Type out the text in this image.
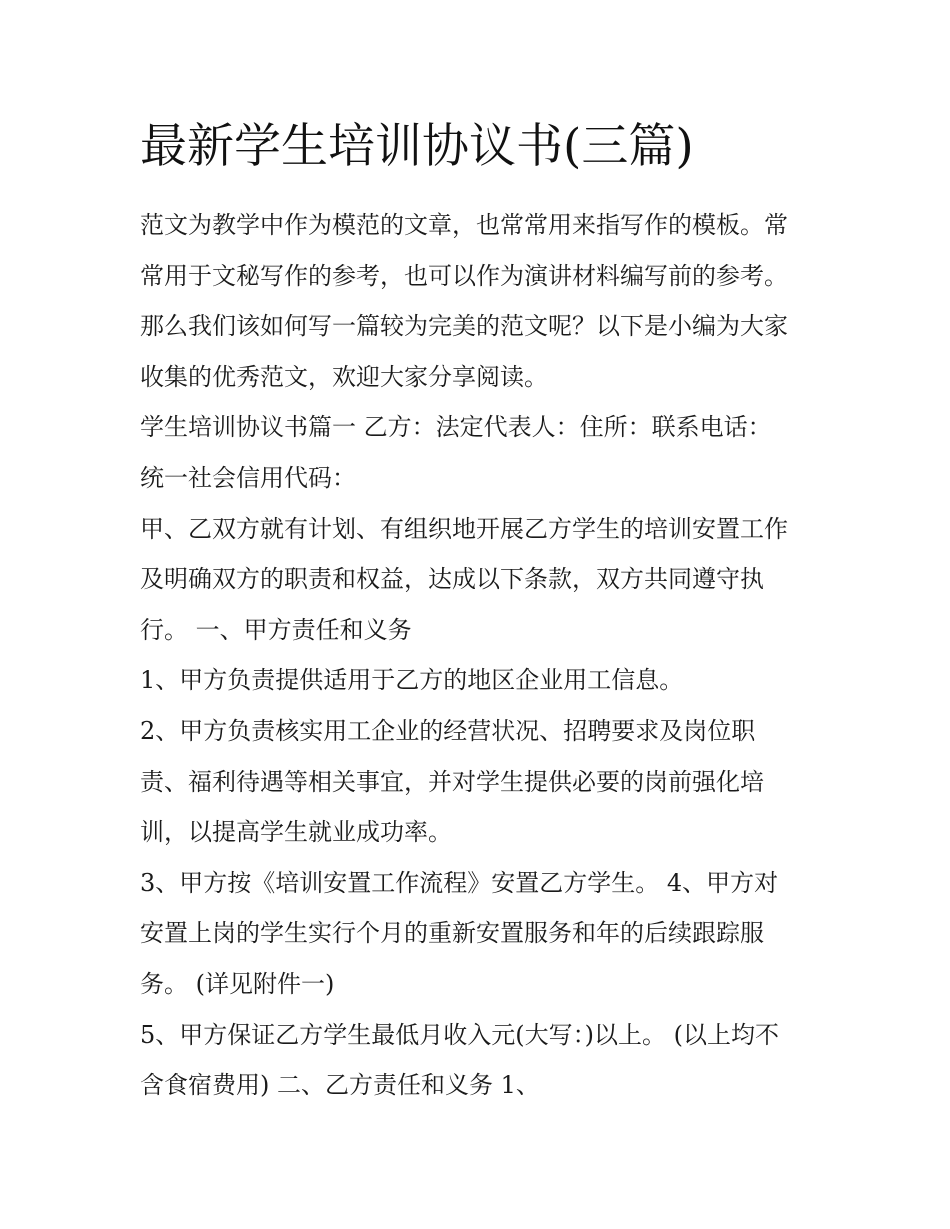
最新学生培训协议书(三篇)
范文为教学中作为模范的文章，也常常用来指写作的模板。常
常用于文秘写作的参考，也可以作为演讲材料编写前的参考。
那么我们该如何写一篇较为完美的范文呢？以下是小编为大家
收集的优秀范文，欢迎大家分享阅读。
学生培训协议书篇一 乙方：法定代表人：住所：联系电话：
统一社会信用代码：
甲、乙双方就有计划、有组织地开展乙方学生的培训安置工作
及明确双方的职责和权益，达成以下条款，双方共同遵守执
行。 一、甲方责任和义务
1、甲方负责提供适用于乙方的地区企业用工信息。
2、甲方负责核实用工企业的经营状况、招聘要求及岗位职
责、福利待遇等相关事宜，并对学生提供必要的岗前强化培
训，以提高学生就业成功率。
3、甲方按《培训安置工作流程》安置乙方学生。 4、甲方对
安置上岗的学生实行个月的重新安置服务和年的后续跟踪服
务。 (详见附件一)
5、甲方保证乙方学生最低月收入元(大写：)以上。 (以上均不
含食宿费用) 二、乙方责任和义务 1、
